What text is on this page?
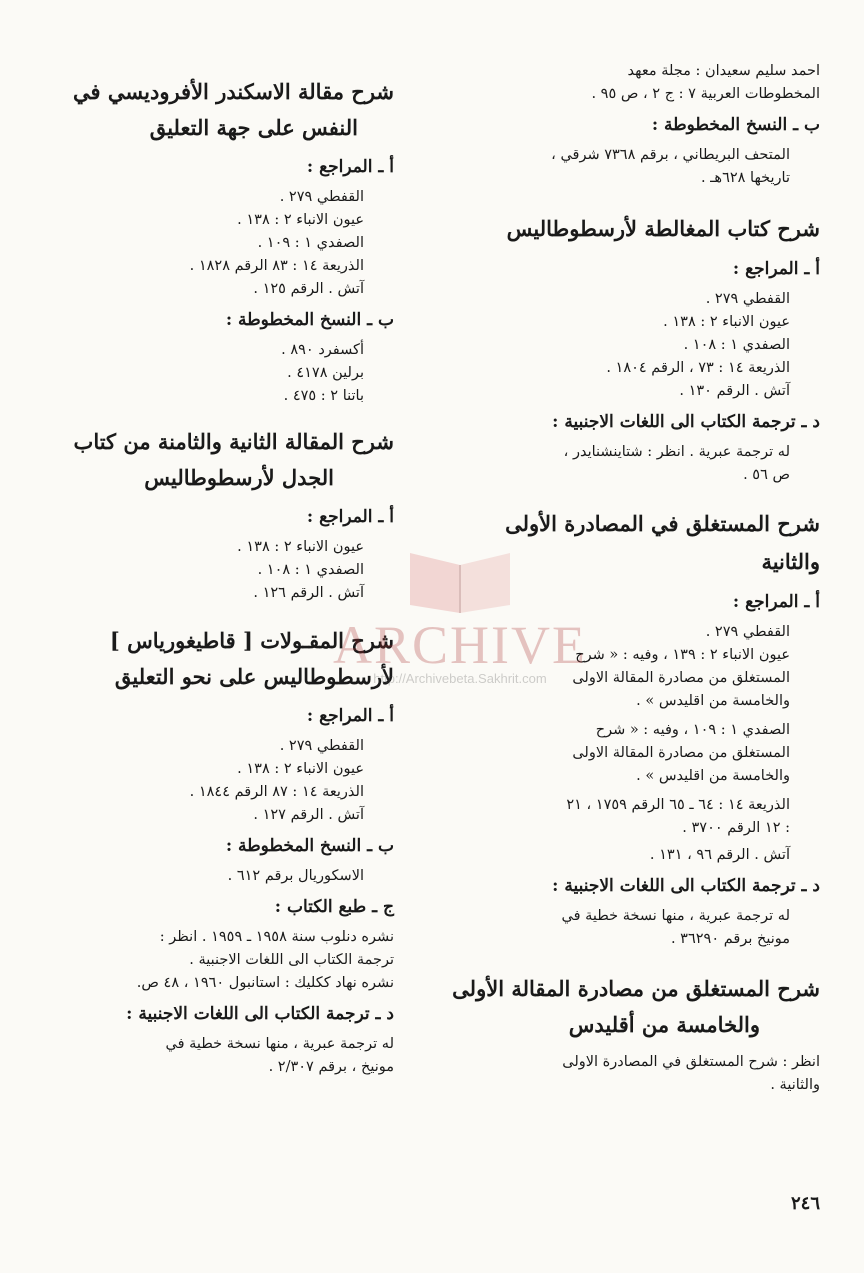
احمد سليم سعيدان : مجلة معهد
المخطوطات العربية ٧ : ج ٢ ، ص ٩٥ .
ب ـ النسخ المخطوطة :
المتحف البريطاني ، برقم ٧٣٦٨ شرقي ،
تاريخها ٦٢٨هـ .
شرح كتاب المغالطة لأرسطوطاليس
أ ـ المراجع :
القفطي ٢٧٩ .
عيون الانباء ٢ : ١٣٨ .
الصفدي ١ : ١٠٨ .
الذريعة ١٤ : ٧٣ ، الرقم ١٨٠٤ .
آتش . الرقم ١٣٠ .
د ـ ترجمة الكتاب الى اللغات الاجنبية :
له ترجمة عبرية . انظر : شتاينشنايدر ،
ص ٥٦ .
شرح المستغلق في المصادرة الأولى والثانية
أ ـ المراجع :
القفطي ٢٧٩ .
عيون الانباء ٢ : ١٣٩ ، وفيه : « شرح
المستغلق من مصادرة المقالة الاولى
والخامسة من اقليدس » .
الصفدي ١ : ١٠٩ ، وفيه : « شرح
المستغلق من مصادرة المقالة الاولى
والخامسة من اقليدس » .
الذريعة ١٤ : ٦٤ ـ ٦٥ الرقم ١٧٥٩ ، ٢١
: ١٢ الرقم ٣٧٠٠ .
آتش . الرقم ٩٦ ، ١٣١ .
د ـ ترجمة الكتاب الى اللغات الاجنبية :
له ترجمة عبرية ، منها نسخة خطية في
مونيخ برقم ٣٦٢٩٠ .
شرح المستغلق من مصادرة المقالة الأولى
والخامسة من أقليدس
انظر : شرح المستغلق في المصادرة الاولى
والثانية .
شرح مقالة الاسكندر الأفروديسي في
النفس على جهة التعليق
أ ـ المراجع :
القفطي ٢٧٩ .
عيون الانباء ٢ : ١٣٨ .
الصفدي ١ : ١٠٩ .
الذريعة ١٤ : ٨٣ الرقم ١٨٢٨ .
آتش . الرقم ١٢٥ .
ب ـ النسخ المخطوطة :
أكسفرد ٨٩٠ .
برلين ٤١٧٨ .
باتنا ٢ : ٤٧٥ .
شرح المقالة الثانية والثامنة من كتاب
الجدل لأرسطوطاليس
أ ـ المراجع :
عيون الانباء ٢ : ١٣٨ .
الصفدي ١ : ١٠٨ .
آتش . الرقم ١٢٦ .
شرح المقـولات [ قاطيغورياس ]
لأرسطوطاليس على نحو التعليق
أ ـ المراجع :
القفطي ٢٧٩ .
عيون الانباء ٢ : ١٣٨ .
الذريعة ١٤ : ٨٧ الرقم ١٨٤٤ .
آتش . الرقم ١٢٧ .
ب ـ النسخ المخطوطة :
الاسكوريال برقم ٦١٢ .
ج ـ طبع الكتاب :
نشره دنلوب سنة ١٩٥٨ ـ ١٩٥٩ . انظر :
ترجمة الكتاب الى اللغات الاجنبية .
نشره نهاد ككليك : استانبول ١٩٦٠ ، ٤٨ ص.
د ـ ترجمة الكتاب الى اللغات الاجنبية :
له ترجمة عبرية ، منها نسخة خطية في
مونيخ ، برقم ٢/٣٠٧ .
٢٤٦
ARCHIVE
http://Archivebeta.Sakhrit.com
